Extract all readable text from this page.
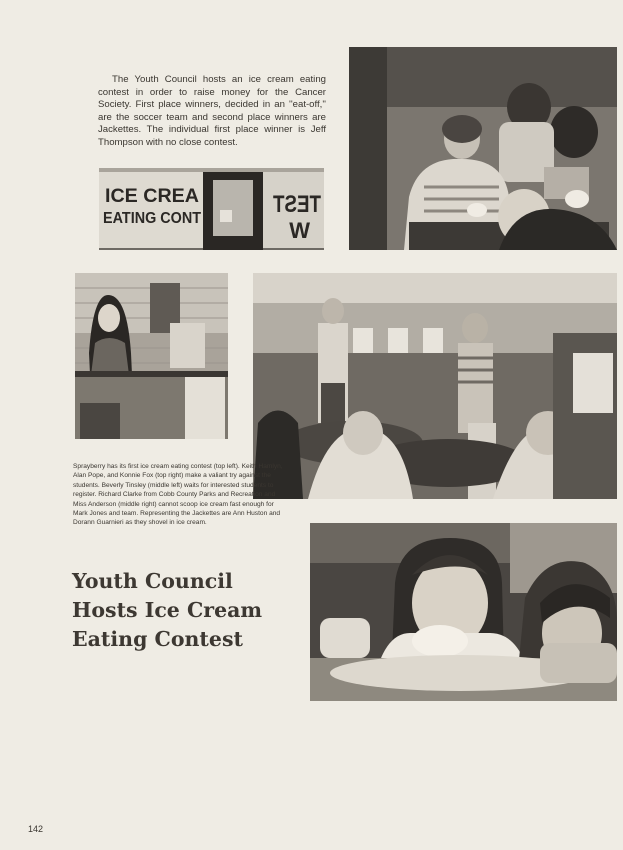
The Youth Council hosts an ice cream eating contest in order to raise money for the Cancer Society. First place winners, decided in an ''eat-off,'' are the soccer team and second place winners are Jackettes. The individual first place winner is Jeff Thompson with no close contest.
ICE CREA
EATING CONT
TEST
W
Sprayberry has its first ice cream eating contest (top left). Keith Hamlyn, Alan Pope, and Konnie Fox (top right) make a valiant try against the students. Beverly Tinsley (middle left) waits for interested students to register. Richard Clarke from Cobb County Parks and Recreation and Miss Anderson (middle right) cannot scoop ice cream fast enough for Mark Jones and team. Representing the Jackettes are Ann Huston and Dorann Guarnieri as they shovel in ice cream.
Youth Council
Hosts Ice Cream
Eating Contest
142
